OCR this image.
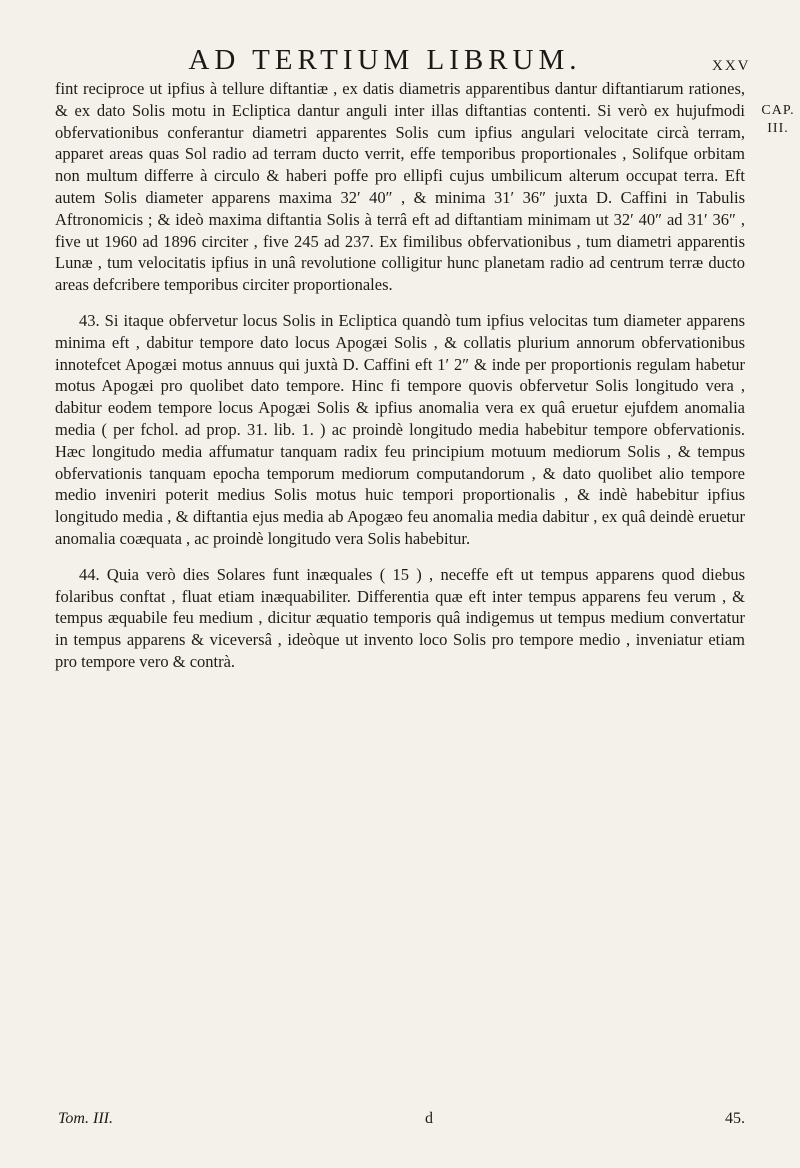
AD TERTIUM LIBRUM.	XXV
CAP.
III.

fint reciproce ut ipfius à tellure diftantiæ , ex datis diametris apparentibus dantur diftantiarum rationes, & ex dato Solis motu in Ecliptica dantur anguli inter illas diftantias contenti. Si verò ex hujufmodi obfervationibus conferantur diametri apparentes Solis cum ipfius angulari velocitate circà terram, apparet areas quas Sol radio ad terram ducto verrit, effe temporibus proportionales , Solifque orbitam non multum differre à circulo & haberi poffe pro ellipfi cujus umbilicum alterum occupat terra. Eft autem Solis diameter apparens maxima 32′ 40″ , & minima 31′ 36″ juxta D. Caffini in Tabulis Aftronomicis ; & ideò maxima diftantia Solis à terrâ eft ad diftantiam minimam ut 32′ 40″ ad 31′ 36″ , five ut 1960 ad 1896 circiter , five 245 ad 237. Ex fimilibus obfervationibus , tum diametri apparentis Lunæ , tum velocitatis ipfius in unâ revolutione colligitur hunc planetam radio ad centrum terræ ducto areas defcribere temporibus circiter proportionales.

43. Si itaque obfervetur locus Solis in Ecliptica quandò tum ipfius velocitas tum diameter apparens minima eft , dabitur tempore dato locus Apogæi Solis , & collatis plurium annorum obfervationibus innotefcet Apogæi motus annuus qui juxtà D. Caffini eft 1′ 2″ & inde per proportionis regulam habetur motus Apogæi pro quolibet dato tempore. Hinc fi tempore quovis obfervetur Solis longitudo vera , dabitur eodem tempore locus Apogæi Solis & ipfius anomalia vera ex quâ eruetur ejufdem anomalia media ( per fchol. ad prop. 31. lib. 1. ) ac proindè longitudo media habebitur tempore obfervationis. Hæc longitudo media affumatur tanquam radix feu principium motuum mediorum Solis , & tempus obfervationis tanquam epocha temporum mediorum computandorum , & dato quolibet alio tempore medio inveniri poterit medius Solis motus huic tempori proportionalis , & indè habebitur ipfius longitudo media , & diftantia ejus media ab Apogæo feu anomalia media dabitur , ex quâ deindè eruetur anomalia coæquata , ac proindè longitudo vera Solis habebitur.

44. Quia verò dies Solares funt inæquales ( 15 ) , neceffe eft ut tempus apparens quod diebus folaribus conftat , fluat etiam inæquabiliter. Differentia quæ eft inter tempus apparens feu verum , & tempus æquabile feu medium , dicitur æquatio temporis quâ indigemus ut tempus medium convertatur in tempus apparens & viceversâ , ideòque ut invento loco Solis pro tempore medio , inveniatur etiam pro tempore vero & contrà.

Tom. III.	d	45.
